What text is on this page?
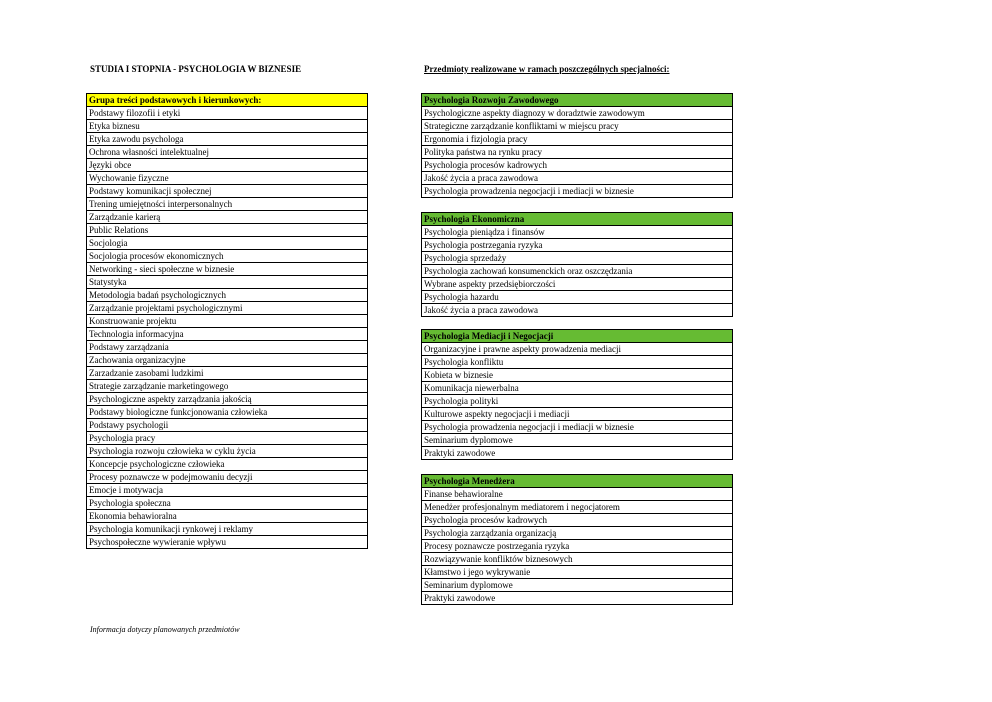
STUDIA I STOPNIA - PSYCHOLOGIA W BIZNESIE	Przedmioty realizowane w ramach poszczególnych specjalności:
Grupa treści podstawowych i kierunkowych:
Podstawy filozofii i etyki
Etyka biznesu
Etyka zawodu psychologa
Ochrona własności intelektualnej
Języki obce
Wychowanie fizyczne
Podstawy komunikacji społecznej
Trening umiejętności interpersonalnych
Zarządzanie karierą
Public Relations
Socjologia
Socjologia procesów ekonomicznych
Networking - sieci społeczne w biznesie
Statystyka
Metodologia badań psychologicznych
Zarządzanie projektami psychologicznymi
Konstruowanie projektu
Technologia informacyjna
Podstawy zarządzania
Zachowania organizacyjne
Zarzadzanie zasobami ludzkimi
Strategie zarządzanie marketingowego
Psychologiczne aspekty zarządzania jakością
Podstawy biologiczne funkcjonowania człowieka
Podstawy psychologii
Psychologia pracy
Psychologia rozwoju człowieka w cyklu życia
Koncepcje psychologiczne człowieka
Procesy poznawcze w podejmowaniu decyzji
Emocje i motywacja
Psychologia społeczna
Ekonomia behawioralna
Psychologia komunikacji rynkowej i reklamy
Psychospołeczne wywieranie wpływu
Psychologia Rozwoju Zawodowego
Psychologiczne aspekty diagnozy w doradztwie zawodowym
Strategiczne zarządzanie konfliktami w miejscu pracy
Ergonomia i fizjologia pracy
Polityka państwa na rynku pracy
Psychologia procesów kadrowych
Jakość życia a praca zawodowa
Psychologia prowadzenia negocjacji i mediacji w biznesie
Psychologia Ekonomiczna
Psychologia pieniądza i finansów
Psychologia postrzegania ryzyka
Psychologia sprzedaży
Psychologia zachowań konsumenckich oraz oszczędzania
Wybrane aspekty przedsiębiorczości
Psychologia hazardu
Jakość życia a praca zawodowa
Psychologia Mediacji i Negocjacji
Organizacyjne i prawne aspekty prowadzenia mediacji
Psychologia konfliktu
Kobieta w biznesie
Komunikacja niewerbalna
Psychologia polityki
Kulturowe aspekty negocjacji i mediacji
Psychologia prowadzenia negocjacji i mediacji w biznesie
Seminarium dyplomowe
Praktyki zawodowe
Psychologia Menedżera
Finanse behawioralne
Menedżer profesjonalnym mediatorem i negocjatorem
Psychologia procesów kadrowych
Psychologia zarządzania organizacją
Procesy poznawcze postrzegania ryzyka
Rozwiązywanie konfliktów biznesowych
Kłamstwo i jego wykrywanie
Seminarium dyplomowe
Praktyki zawodowe
Informacja dotyczy planowanych przedmiotów
